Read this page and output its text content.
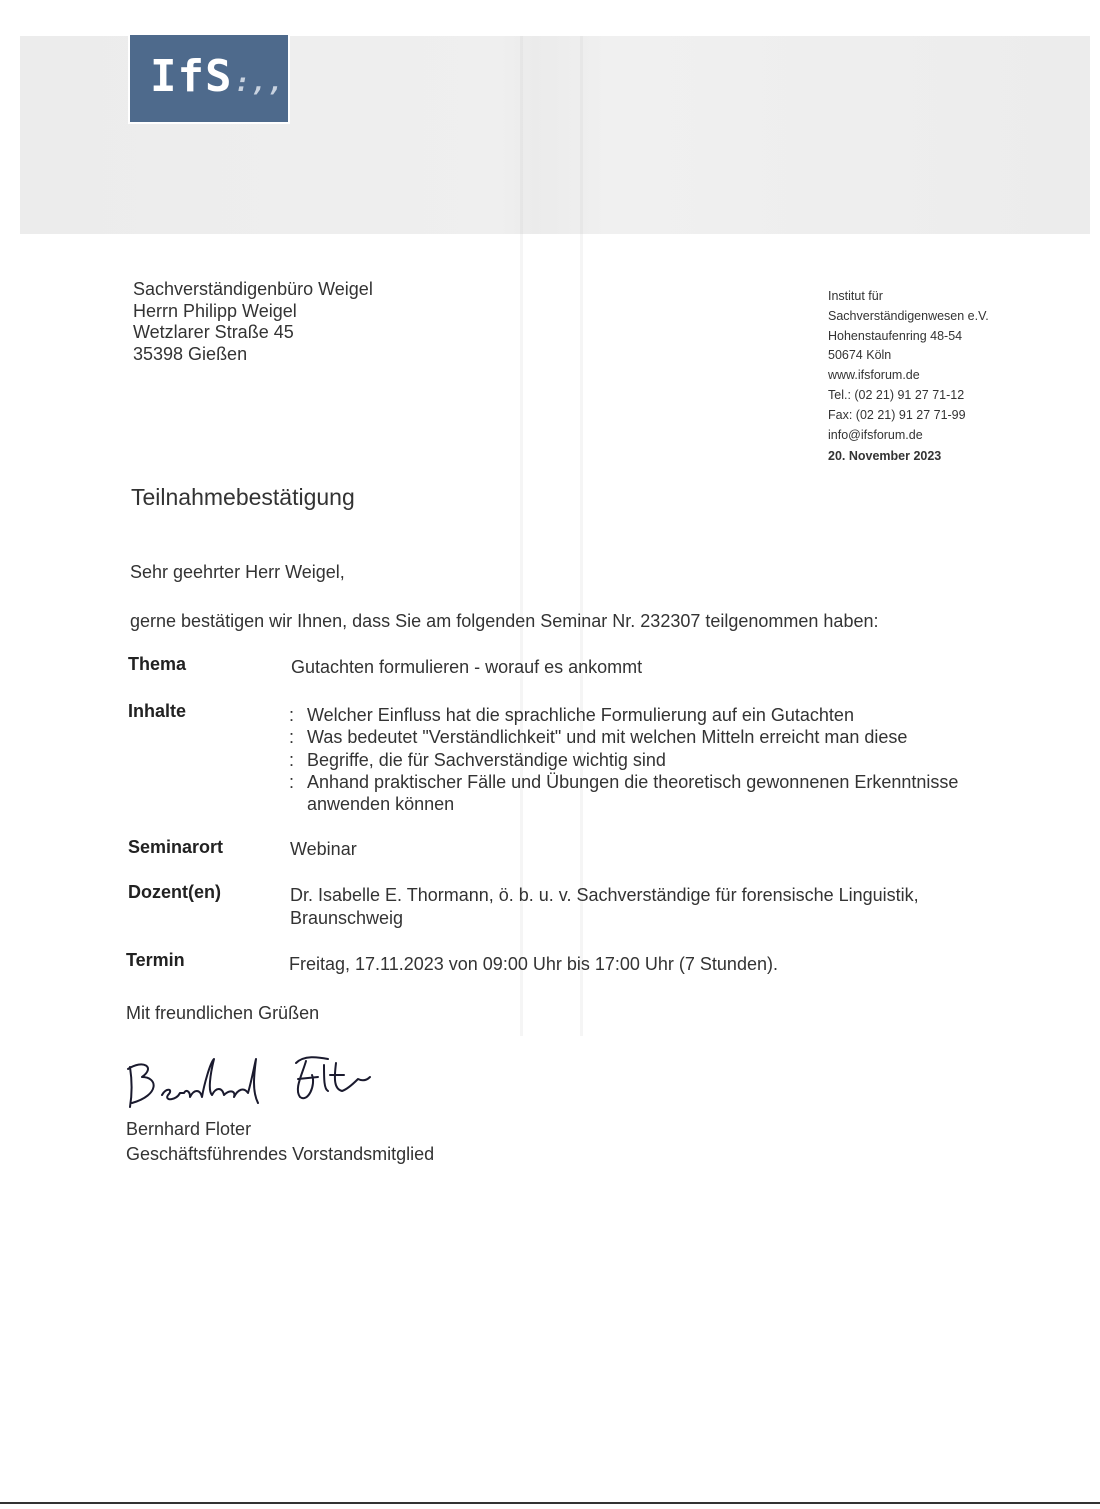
IfS:,,
Sachverständigenbüro Weigel
Herrn Philipp Weigel
Wetzlarer Straße 45
35398 Gießen
Institut für
Sachverständigenwesen e.V.
Hohenstaufenring 48-54
50674 Köln
www.ifsforum.de
Tel.: (02 21) 91 27 71-12
Fax: (02 21) 91 27 71-99
info@ifsforum.de
20. November 2023
Teilnahmebestätigung
Sehr geehrter Herr Weigel,
gerne bestätigen wir Ihnen, dass Sie am folgenden Seminar Nr. 232307 teilgenommen haben:
Thema	Gutachten formulieren - worauf es ankommt
Inhalte	: Welcher Einfluss hat die sprachliche Formulierung auf ein Gutachten
: Was bedeutet "Verständlichkeit" und mit welchen Mitteln erreicht man diese
: Begriffe, die für Sachverständige wichtig sind
: Anhand praktischer Fälle und Übungen die theoretisch gewonnenen Erkenntnisse
anwenden können
Seminarort	Webinar
Dozent(en)	Dr. Isabelle E. Thormann, ö. b. u. v. Sachverständige für forensische Linguistik,
Braunschweig
Termin	Freitag, 17.11.2023 von 09:00 Uhr bis 17:00 Uhr (7 Stunden).
Mit freundlichen Grüßen
Bernhard Floter
Geschäftsführendes Vorstandsmitglied
